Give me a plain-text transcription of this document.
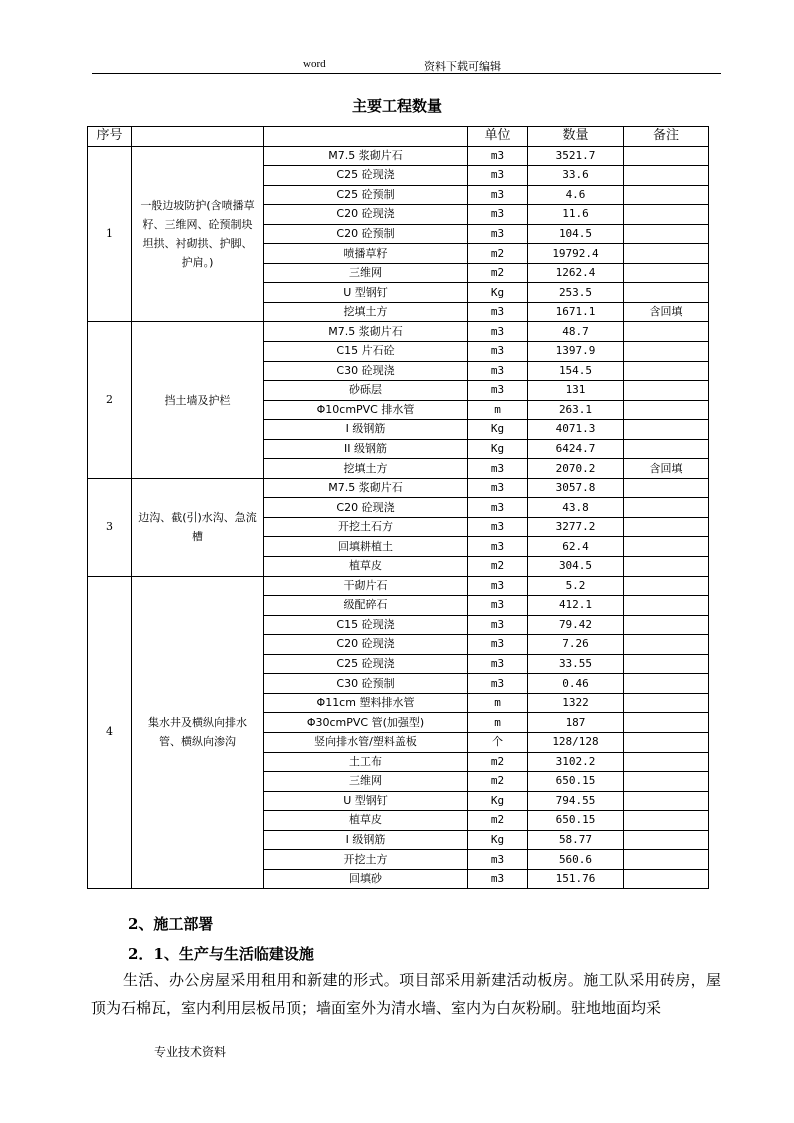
word	资料下载可编辑
主要工程数量
序号			单位	数量	备注
1	一般边坡防护(含喷播草籽、三维网、砼预制块坦拱、衬砌拱、护脚、护肩。)	M7.5 浆砌片石	m3	3521.7	
		C25 砼现浇	m3	33.6	
		C25 砼预制	m3	4.6	
		C20 砼现浇	m3	11.6	
		C20 砼预制	m3	104.5	
		喷播草籽	m2	19792.4	
		三维网	m2	1262.4	
		U 型钢钉	Kg	253.5	
		挖填土方	m3	1671.1	含回填
2	挡土墙及护栏	M7.5 浆砌片石	m3	48.7	
		C15 片石砼	m3	1397.9	
		C30 砼现浇	m3	154.5	
		砂砾层	m3	131	
		Φ10cmPVC 排水管	m	263.1	
		I 级钢筋	Kg	4071.3	
		II 级钢筋	Kg	6424.7	
		挖填土方	m3	2070.2	含回填
3	边沟、截(引)水沟、急流槽	M7.5 浆砌片石	m3	3057.8	
		C20 砼现浇	m3	43.8	
		开挖土石方	m3	3277.2	
		回填耕植土	m3	62.4	
		植草皮	m2	304.5	
4	集水井及横纵向排水管、横纵向渗沟	干砌片石	m3	5.2	
		级配碎石	m3	412.1	
		C15 砼现浇	m3	79.42	
		C20 砼现浇	m3	7.26	
		C25 砼现浇	m3	33.55	
		C30 砼预制	m3	0.46	
		Φ11cm 塑料排水管	m	1322	
		Φ30cmPVC 管(加强型)	m	187	
		竖向排水管/塑料盖板	个	128/128	
		土工布	m2	3102.2	
		三维网	m2	650.15	
		U 型钢钉	Kg	794.55	
		植草皮	m2	650.15	
		I 级钢筋	Kg	58.77	
		开挖土方	m3	560.6	
		回填砂	m3	151.76	
2、施工部署
2．1、生产与生活临建设施
生活、办公房屋采用租用和新建的形式。项目部采用新建活动板房。施工队采用砖房，屋顶为石棉瓦，室内利用层板吊顶；墙面室外为清水墙、室内为白灰粉刷。驻地地面均采
专业技术资料
